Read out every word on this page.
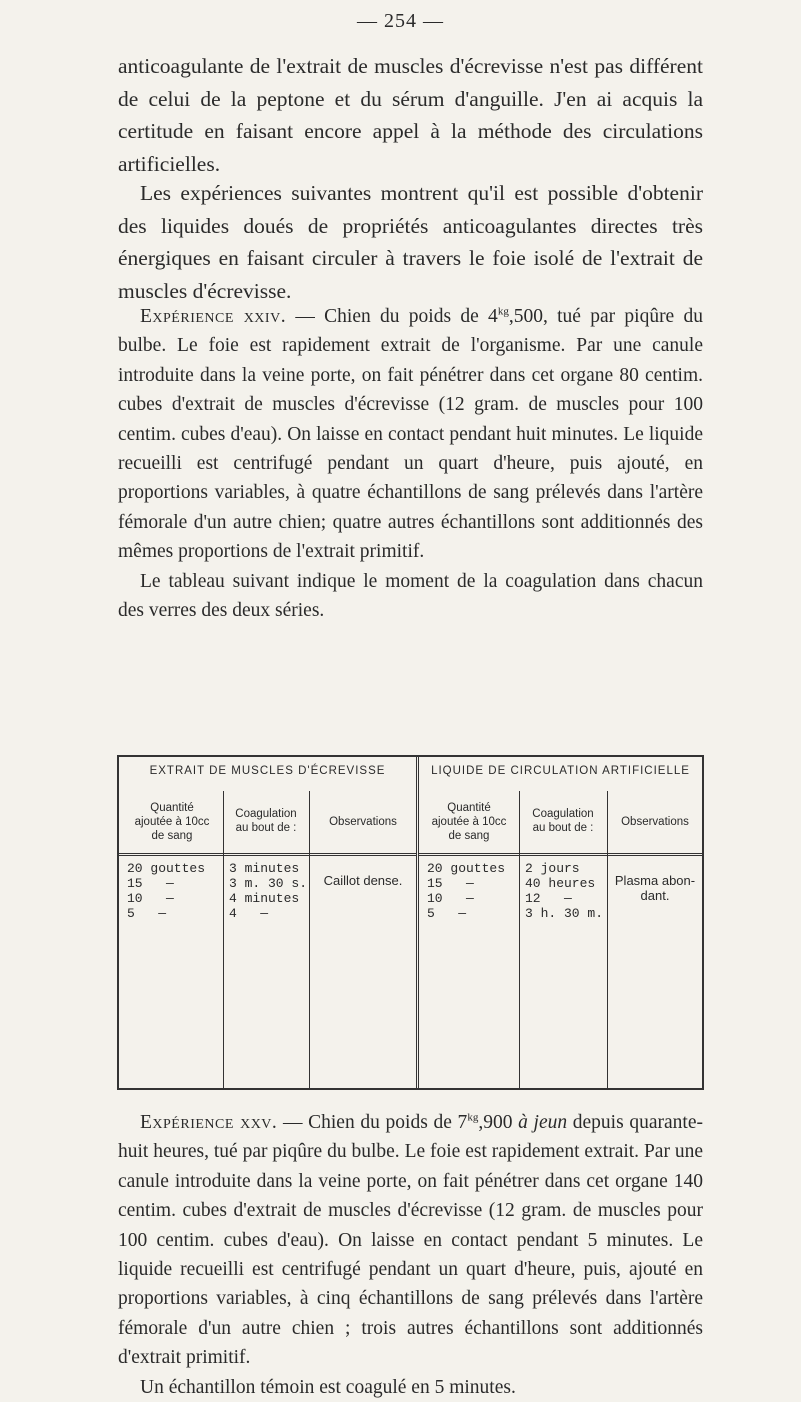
— 254 —

anticoagulante de l'extrait de muscles d'écrevisse n'est pas différent de celui de la peptone et du sérum d'anguille. J'en ai acquis la certitude en faisant encore appel à la méthode des circulations artificielles.

Les expériences suivantes montrent qu'il est possible d'obtenir des liquides doués de propriétés anticoagulantes directes très énergiques en faisant circuler à travers le foie isolé de l'extrait de muscles d'écrevisse.

Expérience xxiv. — Chien du poids de $4^{kg},500$, tué par piqûre du bulbe. Le foie est rapidement extrait de l'organisme. Par une canule introduite dans la veine porte, on fait pénétrer dans cet organe 80 centim. cubes d'extrait de muscles d'écrevisse (12 gram. de muscles pour 100 centim. cubes d'eau). On laisse en contact pendant huit minutes. Le liquide recueilli est centrifugé pendant un quart d'heure, puis ajouté, en proportions variables, à quatre échantillons de sang prélevés dans l'artère fémorale d'un autre chien; quatre autres échantillons sont additionnés des mêmes proportions de l'extrait primitif.

Le tableau suivant indique le moment de la coagulation dans chacun des verres des deux séries.

EXTRAIT DE MUSCLES D'ÉCREVISSE
Quantité
ajoutée à 10cc
de sang
Coagulation
au bout de :	Observations
20 gouttes
15   —
10   —
5   —
3 minutes
3 m. 30 s.
4 minutes
4   —
Caillot dense.
LIQUIDE DE CIRCULATION ARTIFICIELLE
Quantité
ajoutée à 10cc
de sang
Coagulation
au bout de :	Observations
20 gouttes
15   —
10   —
5   —
2 jours
40 heures
12   —
3 h. 30 m.
Plasma abon-
dant.

Expérience xxv. — Chien du poids de $7^{kg},900$ à jeun depuis quarante-huit heures, tué par piqûre du bulbe. Le foie est rapidement extrait. Par une canule introduite dans la veine porte, on fait pénétrer dans cet organe 140 centim. cubes d'extrait de muscles d'écrevisse (12 gram. de muscles pour 100 centim. cubes d'eau). On laisse en contact pendant 5 minutes. Le liquide recueilli est centrifugé pendant un quart d'heure, puis, ajouté en proportions variables, à cinq échantillons de sang prélevés dans l'artère fémorale d'un autre chien ; trois autres échantillons sont additionnés d'extrait primitif.

Un échantillon témoin est coagulé en 5 minutes.
